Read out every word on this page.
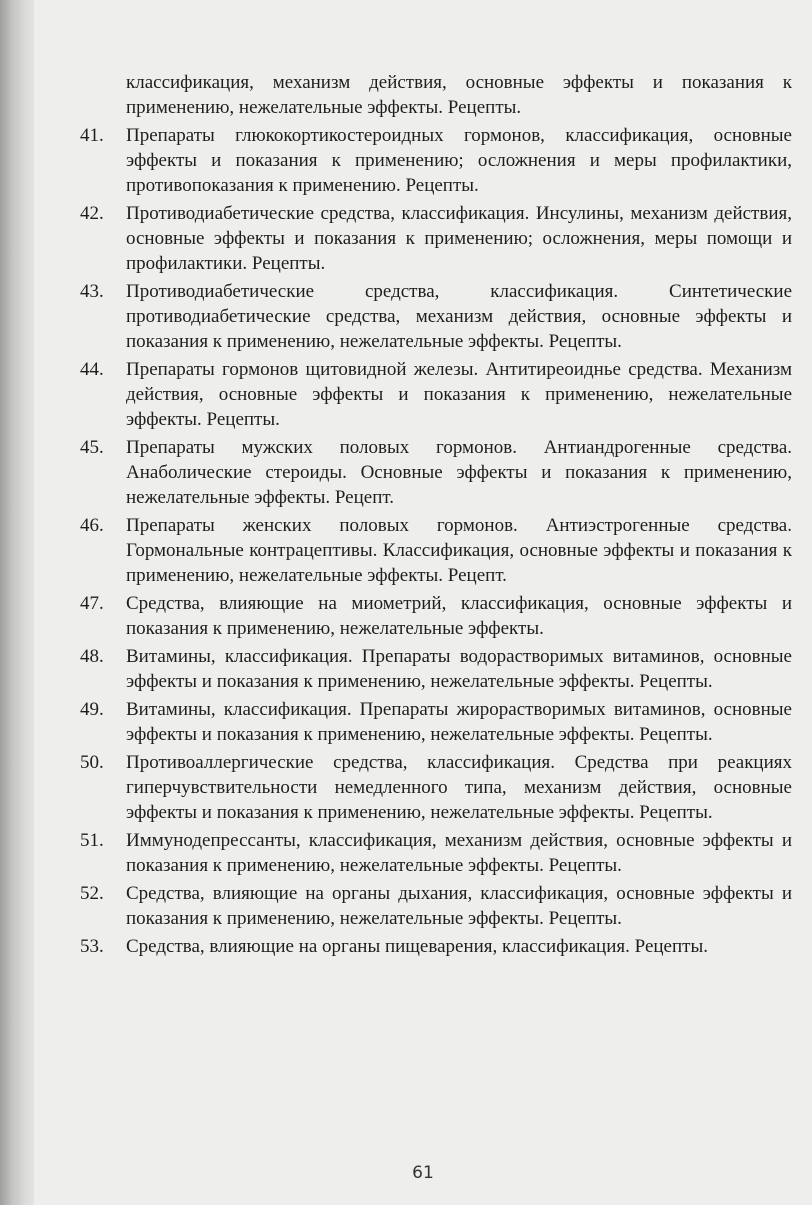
классификация, механизм действия, основные эффекты и показания к применению, нежелательные эффекты. Рецепты.

41.	Препараты глюкокортикостероидных гормонов, классификация, основные эффекты и показания к применению; осложнения и меры профилактики, противопоказания к применению. Рецепты.
42.	Противодиабетические средства, классификация. Инсулины, механизм действия, основные эффекты и показания к применению; осложнения, меры помощи и профилактики. Рецепты.
43.	Противодиабетические средства, классификация. Синтетические противодиабетические средства, механизм действия, основные эффекты и показания к применению, нежелательные эффекты. Рецепты.
44.	Препараты гормонов щитовидной железы. Антитиреоидньe средства. Механизм действия, основные эффекты и показания к применению, нежелательные эффекты. Рецепты.
45.	Препараты мужских половых гормонов. Антиандрогенные средства. Анаболические стероиды. Основные эффекты и показания к применению, нежелательные эффекты. Рецепт.
46.	Препараты женских половых гормонов. Антиэстрогенные средства. Гормональные контрацептивы. Классификация, основные эффекты и показания к применению, нежелательные эффекты. Рецепт.
47.	Средства, влияющие на миометрий, классификация, основные эффекты и показания к применению, нежелательные эффекты.
48.	Витамины, классификация. Препараты водорастворимых витаминов, основные эффекты и показания к применению, нежелательные эффекты. Рецепты.
49.	Витамины, классификация. Препараты жирорастворимых витаминов, основные эффекты и показания к применению, нежелательные эффекты. Рецепты.
50.	Противоаллергические средства, классификация. Средства при реакциях гиперчувствительности немедленного типа, механизм действия, основные эффекты и показания к применению, нежелательные эффекты. Рецепты.
51.	Иммунодепрессанты, классификация, механизм действия, основные эффекты и показания к применению, нежелательные эффекты. Рецепты.
52.	Средства, влияющие на органы дыхания, классификация, основные эффекты и показания к применению, нежелательные эффекты. Рецепты.
53.	Средства, влияющие на органы пищеварения, классификация. Рецепты.
61
